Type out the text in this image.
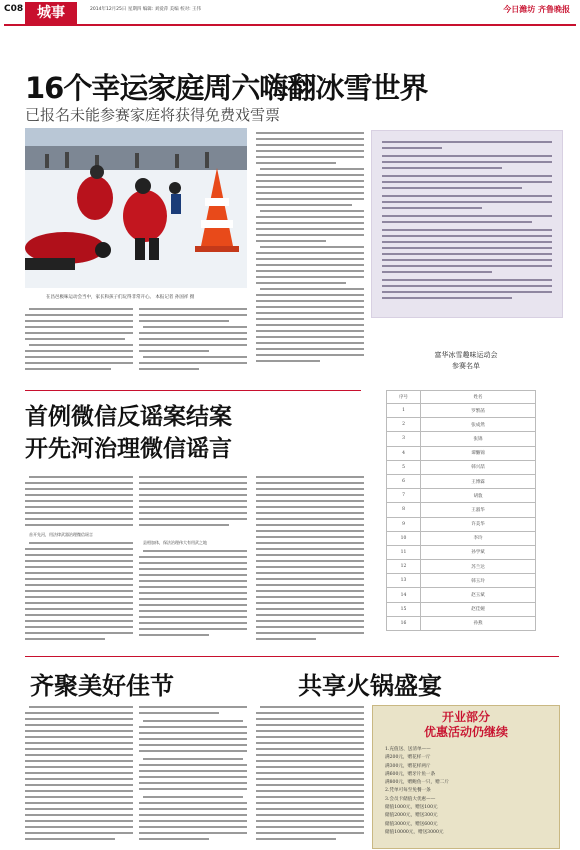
C08 城事	2014年12月25日 星期四 编辑: 刘爱萍 美编 校对: 王伟	今日潍坊 齐鲁晚报
16个幸运家庭周六嗨翻冰雪世界
已报名未能参赛家庭将获得免费戏雪票
在昌邑极味运动会当中，家长和孩子们玩得非常开心。 本报记者 孙国祥 摄
富华冰雪趣味运动会
参赛名单
序号	姓名
1	罗繁菡
2	张成然
3	张锦
4	谭懒锦
5	韩兴喆
6	王博霖
7	胡敦
8	王淑华
9	许美华
10	李玲
11	孙学斌
12	苏兰达
13	韩玉玲
14	赵玉斌
15	赵佳婉
16	孙燕
首例微信反谣案结案
开先河治理微信谣言
首开先河，用法律武器治理微信谣言
县相加体，保法治理伟大有用武之地
齐聚美好佳节	共享火锅盛宴
开业部分
优惠活动仍继续
1.充值送、送清单——
满200元，赠花样一斤
满300元，赠花样两斤
满600元，赠牙片鱼一条
满800元，赠鲍鱼一只，赠二斤
2.凭单可每至免餐一条
3.会员卡储值大优惠——
储值1000元，赠送100元
储值2000元，赠送300元
储值3000元，赠送600元
储值10000元，赠送3000元
